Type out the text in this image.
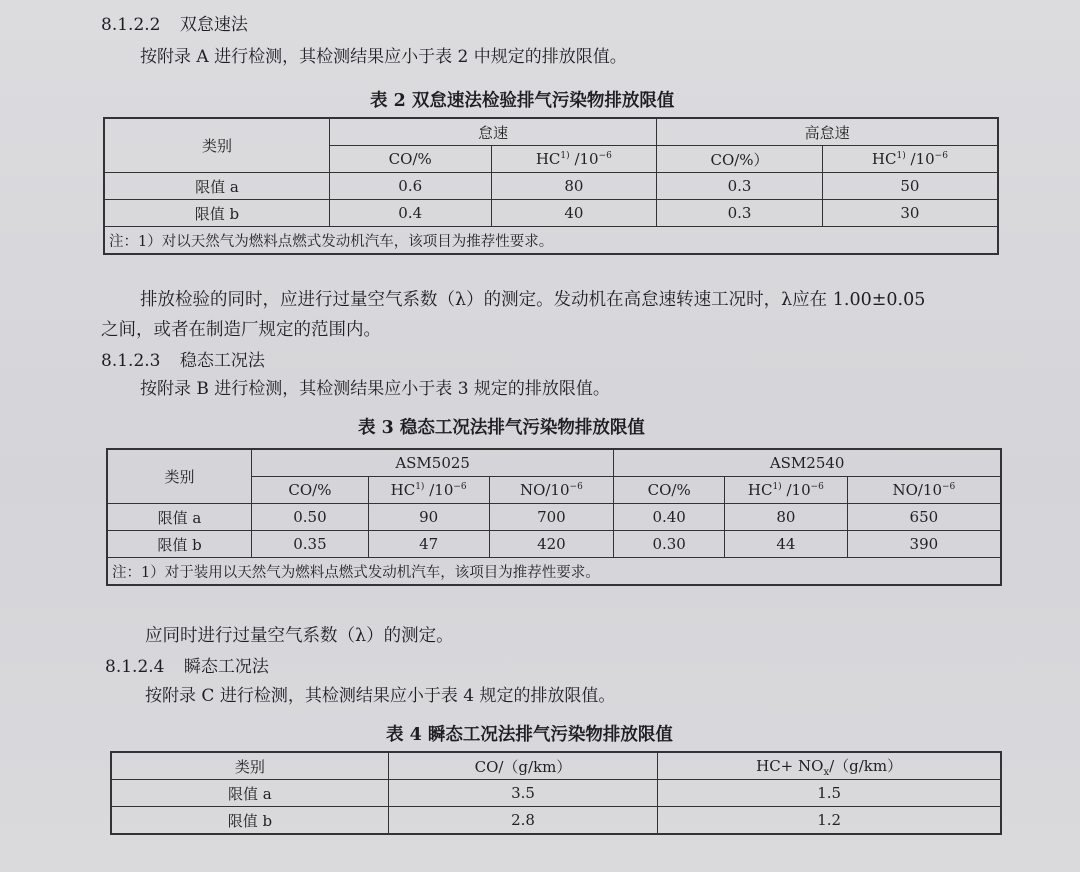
8.1.2.2 双怠速法
按附录 A 进行检测，其检测结果应小于表 2 中规定的排放限值。
表 2 双怠速法检验排气污染物排放限值
类别	怠速		高怠速	
	CO/%	HC$^{1)}$ $/10^{-6}$	CO/%）	HC$^{1)}$ $/10^{-6}$
限值 a	0.6	80	0.3	50
限值 b	0.4	40	0.3	30
注：1）对以天然气为燃料点燃式发动机汽车，该项目为推荐性要求。				
排放检验的同时，应进行过量空气系数（λ）的测定。发动机在高怠速转速工况时，λ应在 1.00±0.05
之间，或者在制造厂规定的范围内。
8.1.2.3 稳态工况法
按附录 B 进行检测，其检测结果应小于表 3 规定的排放限值。
表 3 稳态工况法排气污染物排放限值
类别	ASM5025			ASM2540		
	CO/%	HC$^{1)}$ $/10^{-6}$	$NO/10^{-6}$	CO/%	HC$^{1)}$ $/10^{-6}$	$NO/10^{-6}$
限值 a	0.50	90	700	0.40	80	650
限值 b	0.35	47	420	0.30	44	390
注：1）对于装用以天然气为燃料点燃式发动机汽车，该项目为推荐性要求。						
应同时进行过量空气系数（λ）的测定。
8.1.2.4 瞬态工况法
按附录 C 进行检测，其检测结果应小于表 4 规定的排放限值。
表 4 瞬态工况法排气污染物排放限值
类别	CO/（g/km）	$HC+ NO_x/(g/km)$
限值 a	3.5	1.5
限值 b	2.8	1.2
